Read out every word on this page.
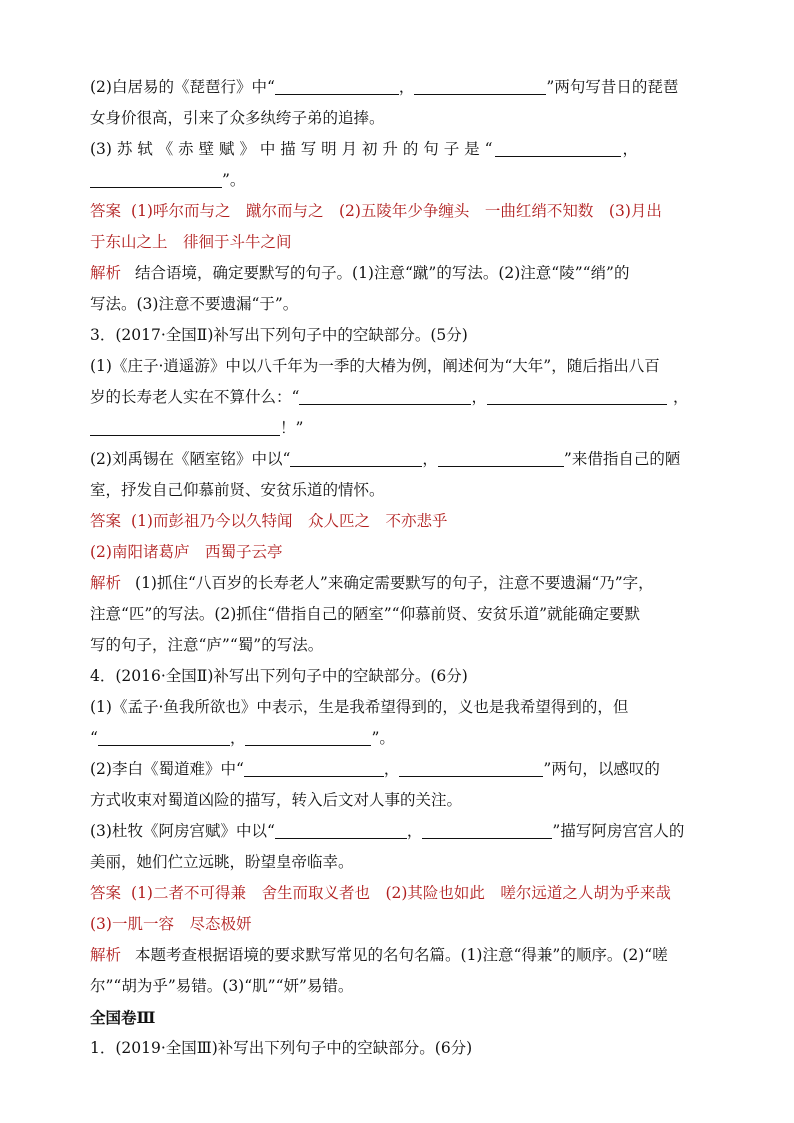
(2)白居易的《琵琶行》中“	，	”两句写昔日的琵琶
女身价很高，引来了众多纨绔子弟的追捧。
(3) 苏 轼 《 赤 壁 赋 》 中 描 写 明 月 初 升 的 句 子 是 “	，
”。
答案 (1)呼尔而与之　蹴尔而与之　(2)五陵年少争缠头　一曲红绡不知数　(3)月出
于东山之上　徘徊于斗牛之间
解析 结合语境，确定要默写的句子。(1)注意“蹴”的写法。(2)注意“陵”“绡”的
写法。(3)注意不要遗漏“于”。
3．(2017·全国Ⅱ)补写出下列句子中的空缺部分。(5分)
(1)《庄子·逍遥游》中以八千年为一季的大椿为例，阐述何为“大年”，随后指出八百
岁的长寿老人实在不算什么：“	，	，
！”
(2)刘禹锡在《陋室铭》中以“	，	”来借指自己的陋
室，抒发自己仰慕前贤、安贫乐道的情怀。
答案 (1)而彭祖乃今以久特闻　众人匹之　不亦悲乎
(2)南阳诸葛庐　西蜀子云亭
解析 (1)抓住“八百岁的长寿老人”来确定需要默写的句子，注意不要遗漏“乃”字，
注意“匹”的写法。(2)抓住“借指自己的陋室”“仰慕前贤、安贫乐道”就能确定要默
写的句子，注意“庐”“蜀”的写法。
4．(2016·全国Ⅱ)补写出下列句子中的空缺部分。(6分)
(1)《孟子·鱼我所欲也》中表示，生是我希望得到的，义也是我希望得到的，但
“	，	”。
(2)李白《蜀道难》中“	，	”两句，以感叹的
方式收束对蜀道凶险的描写，转入后文对人事的关注。
(3)杜牧《阿房宫赋》中以“	，	”描写阿房宫宫人的
美丽，她们伫立远眺，盼望皇帝临幸。
答案 (1)二者不可得兼　舍生而取义者也　(2)其险也如此　嗟尔远道之人胡为乎来哉
(3)一肌一容　尽态极妍
解析 本题考查根据语境的要求默写常见的名句名篇。(1)注意“得兼”的顺序。(2)“嗟
尔”“胡为乎”易错。(3)“肌”“妍”易错。
全国卷Ⅲ
1．(2019·全国Ⅲ)补写出下列句子中的空缺部分。(6分)
